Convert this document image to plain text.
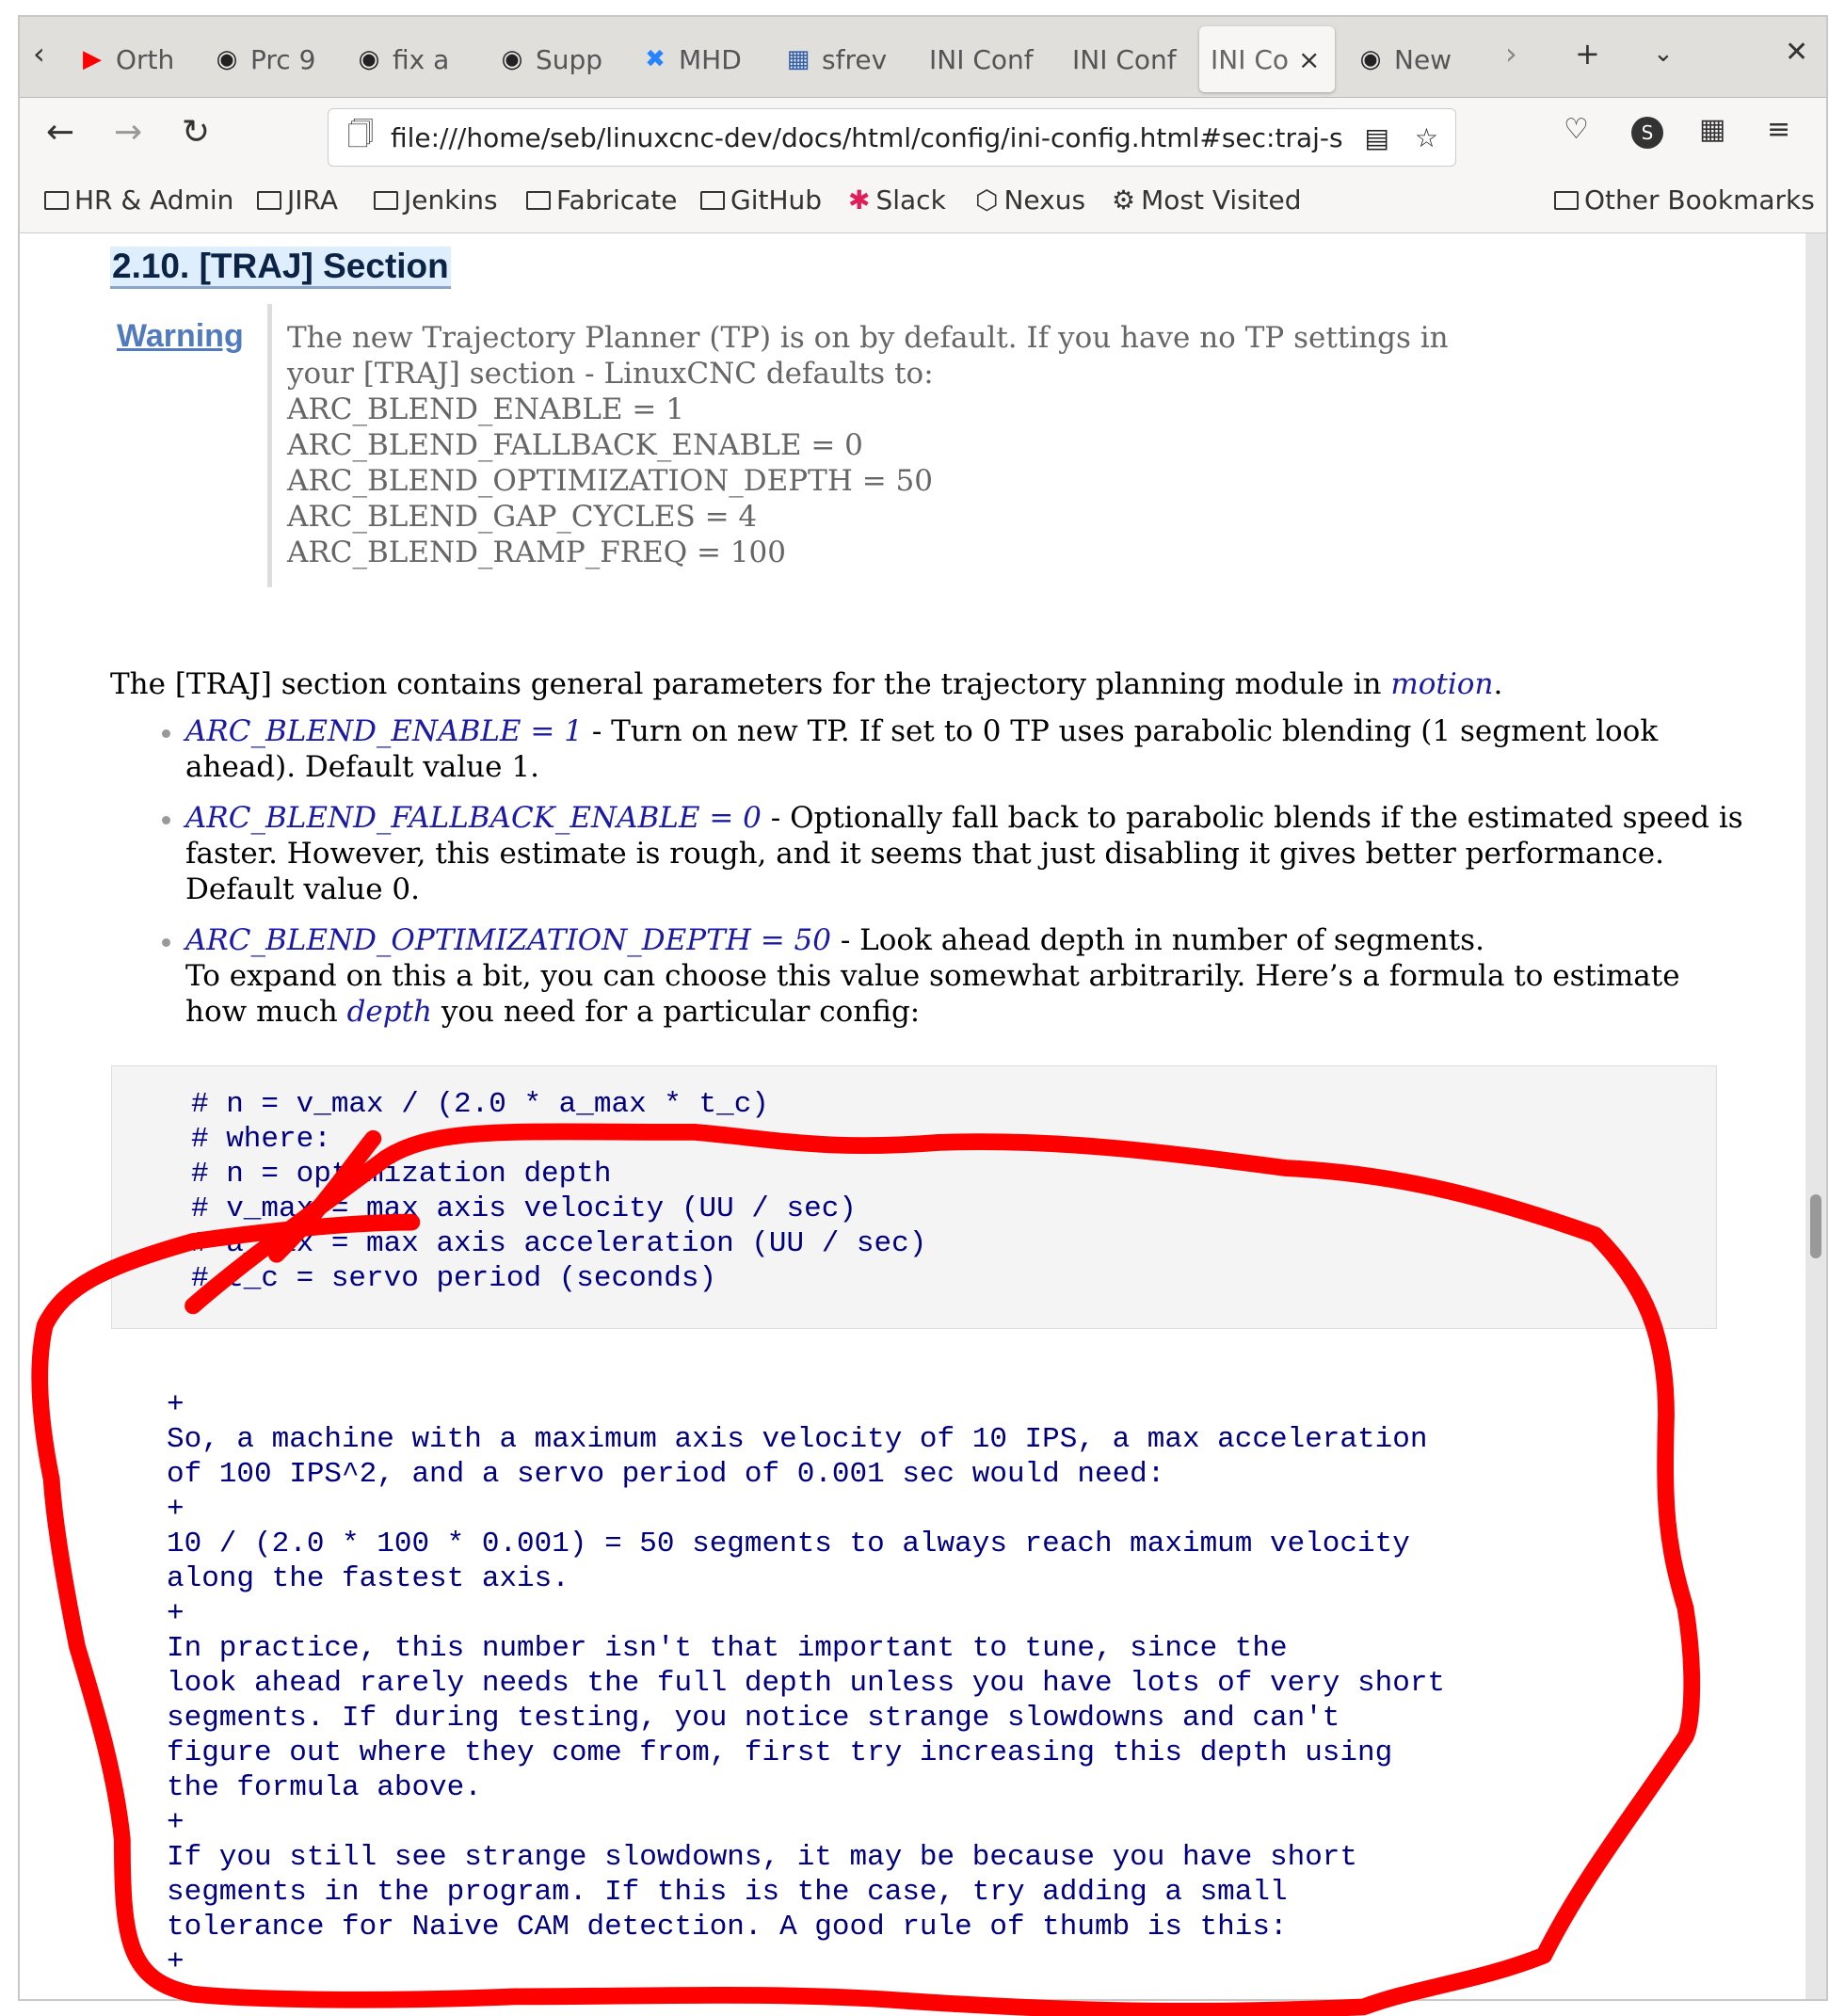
‹ ▶ Orth ◉ Prc 9 ◉ fix a ◉ Supp ✖ MHD ▦ sfrev INI Conf INI Conf INI Co × ◉ New › + ⌄	✕
← → ↻	🗍 file:///home/seb/linuxcnc-dev/docs/html/config/ini-config.html#sec:traj-s ▤ ☆	♡	S	▦ ≡
HR & Admin JIRA	Jenkins Fabricate GitHub ✱ Slack ⬡ Nexus ⚙ Most Visited	Other Bookmarks
2.10. [TRAJ] Section
Warning The new Trajectory Planner (TP) is on by default. If you have no TP settings in
your [TRAJ] section - LinuxCNC defaults to:
ARC_BLEND_ENABLE = 1
ARC_BLEND_FALLBACK_ENABLE = 0
ARC_BLEND_OPTIMIZATION_DEPTH = 50
ARC_BLEND_GAP_CYCLES = 4
ARC_BLEND_RAMP_FREQ = 100
The [TRAJ] section contains general parameters for the trajectory planning module in motion.
ARC_BLEND_ENABLE = 1 - Turn on new TP. If set to 0 TP uses parabolic blending (1 segment look ahead). Default value 1.
ARC_BLEND_FALLBACK_ENABLE = 0 - Optionally fall back to parabolic blends if the estimated speed is faster. However, this estimate is rough, and it seems that just disabling it gives better performance. Default value 0.
ARC_BLEND_OPTIMIZATION_DEPTH = 50 - Look ahead depth in number of segments.
To expand on this a bit, you can choose this value somewhat arbitrarily. Here’s a formula to estimate how much depth you need for a particular config:
# n = v_max / (2.0 * a_max * t_c)
# where:
# n = optimization depth
# v_max = max axis velocity (UU / sec)
# a_max = max axis acceleration (UU / sec)
# t_c = servo period (seconds)
+
So, a machine with a maximum axis velocity of 10 IPS, a max acceleration
of 100 IPS^2, and a servo period of 0.001 sec would need:
+
10 / (2.0 * 100 * 0.001) = 50 segments to always reach maximum velocity
along the fastest axis.
+
In practice, this number isn't that important to tune, since the
look ahead rarely needs the full depth unless you have lots of very short
segments. If during testing, you notice strange slowdowns and can't
figure out where they come from, first try increasing this depth using
the formula above.
+
If you still see strange slowdowns, it may be because you have short
segments in the program. If this is the case, try adding a small
tolerance for Naive CAM detection. A good rule of thumb is this:
+
